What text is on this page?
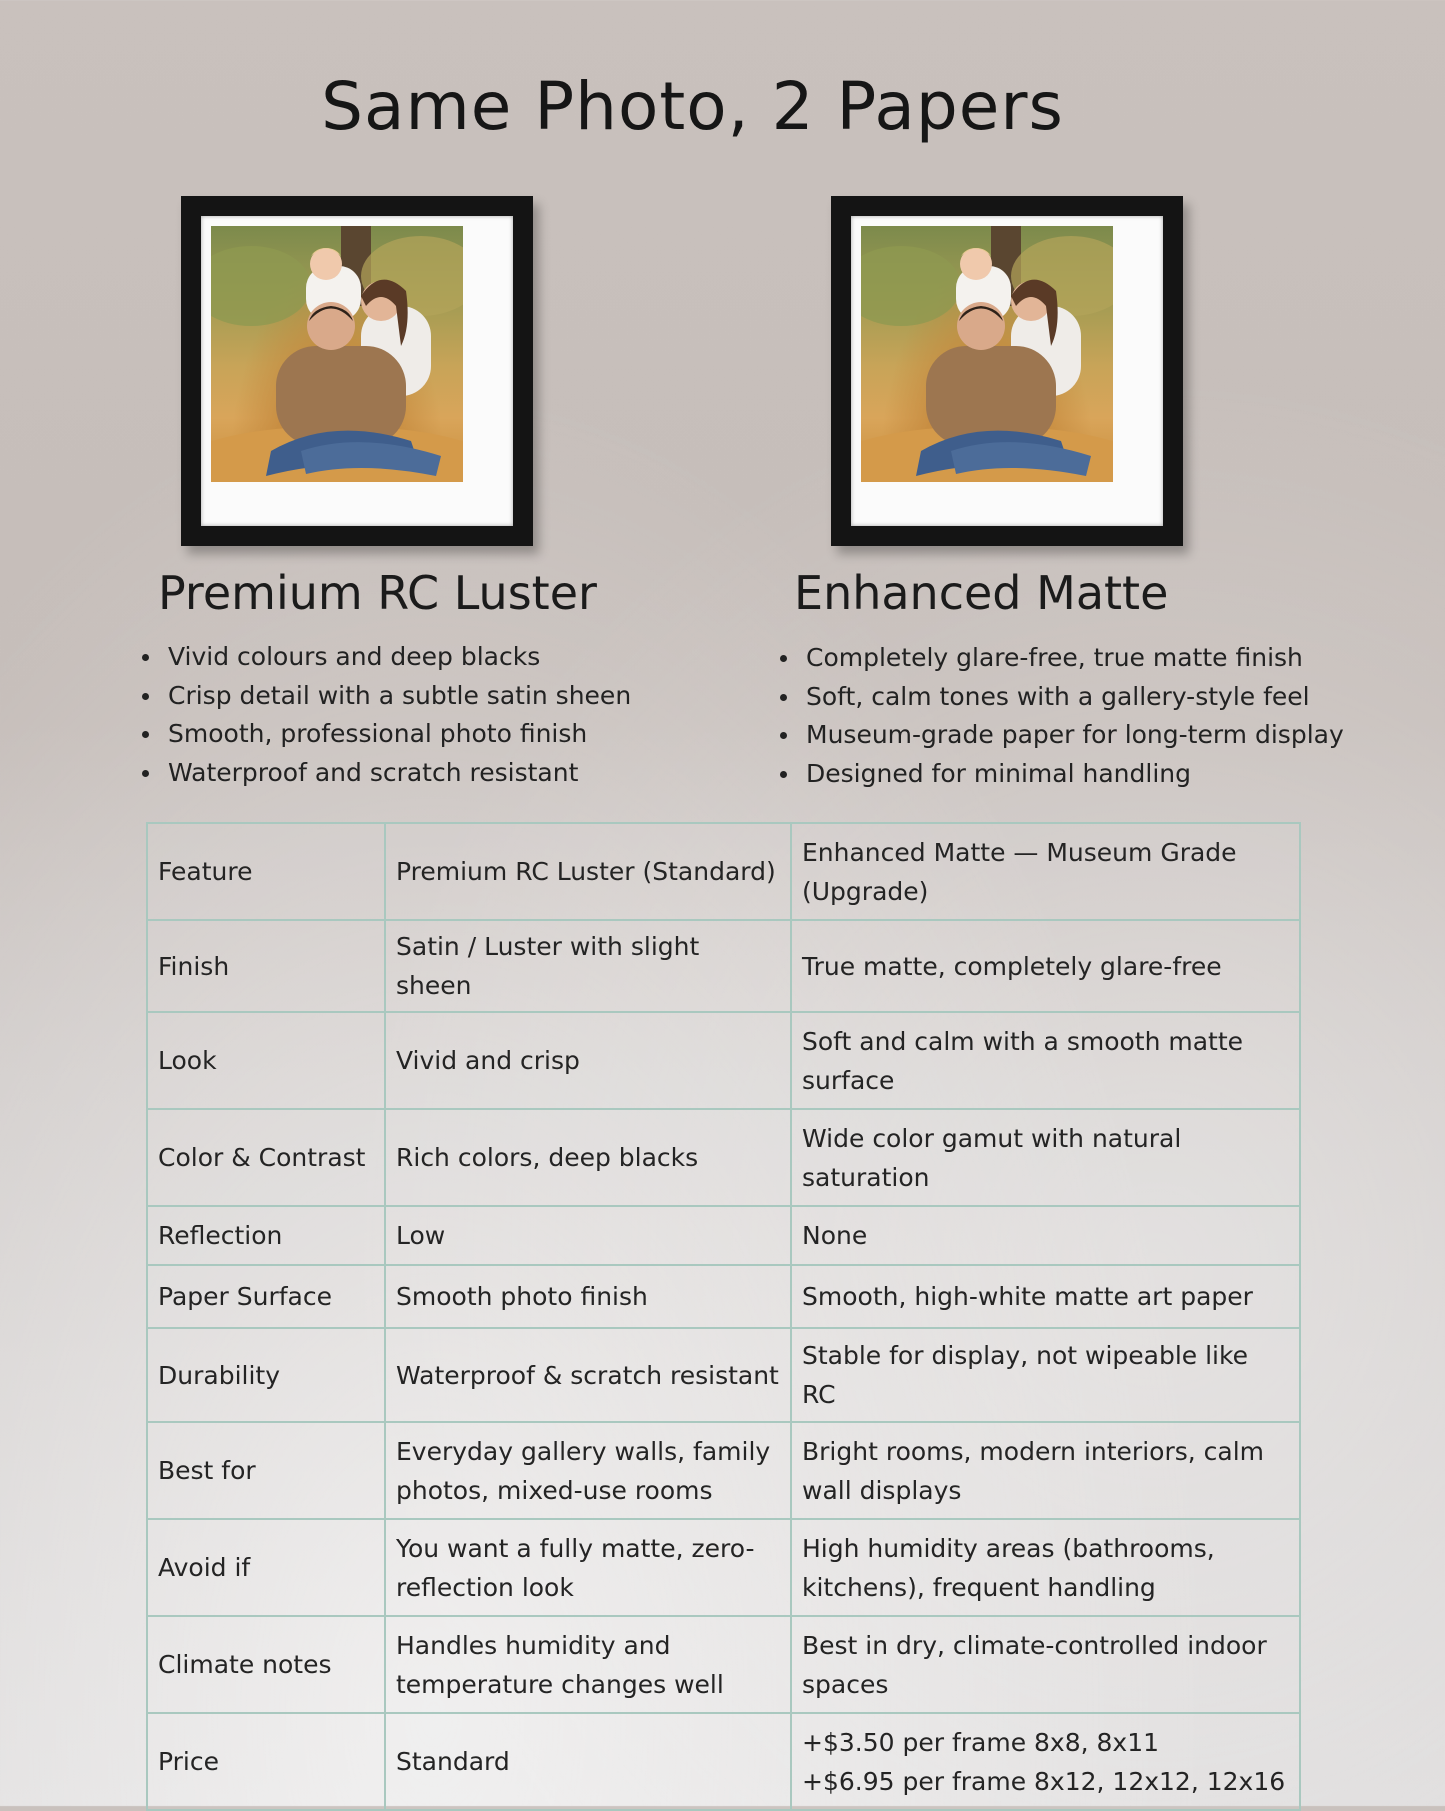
Same Photo, 2 Papers
Premium RC Luster	Enhanced Matte
Vivid colours and deep blacks
Crisp detail with a subtle satin sheen
Smooth, professional photo finish
Waterproof and scratch resistant
Completely glare-free, true matte finish
Soft, calm tones with a gallery-style feel
Museum-grade paper for long-term display
Designed for minimal handling
Feature	Premium RC Luster (Standard)	Enhanced Matte — Museum Grade (Upgrade)
Finish	Satin / Luster with slight sheen	True matte, completely glare-free
Look	Vivid and crisp	Soft and calm with a smooth matte surface
Color & Contrast	Rich colors, deep blacks	Wide color gamut with natural saturation
Reflection	Low	None
Paper Surface	Smooth photo finish	Smooth, high-white matte art paper
Durability	Waterproof & scratch resistant	Stable for display, not wipeable like RC
Best for	Everyday gallery walls, family photos, mixed-use rooms	Bright rooms, modern interiors, calm wall displays
Avoid if	You want a fully matte, zero-reflection look	High humidity areas (bathrooms, kitchens), frequent handling
Climate notes	Handles humidity and temperature changes well	Best in dry, climate-controlled indoor spaces
Price	Standard	+$3.50 per frame 8x8, 8x11
+$6.95 per frame 8x12, 12x12, 12x16
